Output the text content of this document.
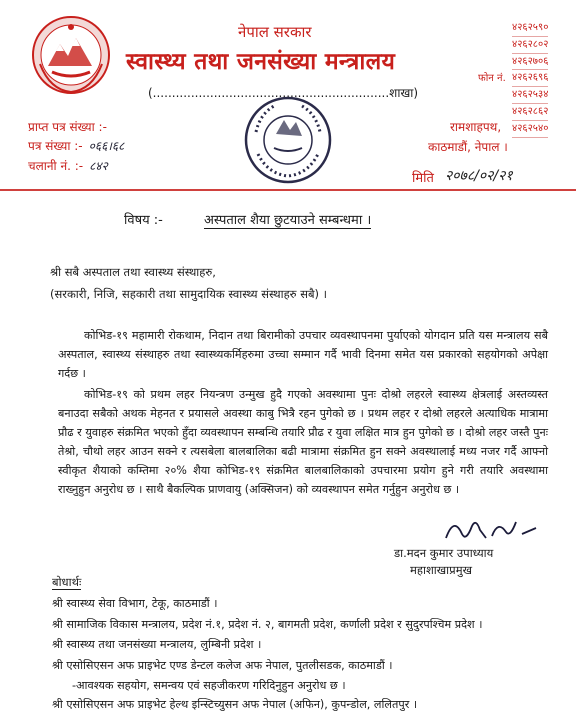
नेपाल सरकार
स्वास्थ्य तथा जनसंख्या मन्त्रालय
(..............................................................शाखा)
फोन नं.
४२६२५९०
४२६२८०२
४२६२७०६
४२६२६९६
४२६२५३४
४२६२८६२
४२६२५४०
प्राप्त पत्र संख्या :-
पत्र संख्या :- ०६६।६८
चलानी नं. :- ८४२
रामशाहपथ,
काठमाडौं, नेपाल ।
मिति २०७८/०२/२१
विषय :-	अस्पताल शैया छुटयाउने सम्बन्धमा ।
श्री सबै अस्पताल तथा स्वास्थ्य संस्थाहरु,
(सरकारी, निजि, सहकारी तथा सामुदायिक स्वास्थ्य संस्थाहरु सबै) ।
कोभिड-१९ महामारी रोकथाम, निदान तथा बिरामीको उपचार व्यवस्थापनमा पुर्याएको योगदान प्रति यस मन्त्रालय सबै अस्पताल, स्वास्थ्य संस्थाहरु तथा स्वास्थ्यकर्मिहरुमा उच्चा सम्मान गर्दै भावी दिनमा समेत यस प्रकारको सहयोगको अपेक्षा गर्दछ ।
कोभिड-१९ को प्रथम लहर नियन्त्रण उन्मुख हुदै गएको अवस्थामा पुनः दोश्रो लहरले स्वास्थ्य क्षेत्रलाई अस्तव्यस्त बनाउदा सबैको अथक मेहनत र प्रयासले अवस्था काबु भित्रै रहन पुगेको छ । प्रथम लहर र दोश्रो लहरले अत्याधिक मात्रामा प्रौढ र युवाहरु संक्रमित भएको हुँदा व्यवस्थापन सम्बन्धि तयारि प्रौढ र युवा लक्षित मात्र हुन पुगेको छ । दोश्रो लहर जस्तै पुनः तेश्रो, चौथो लहर आउन सक्ने र त्यसबेला बालबालिका बढी मात्रामा संक्रमित हुन सक्ने अवस्थालाई मध्य नजर गर्दै आफ्नो स्वीकृत शैयाको कम्तिमा २०% शैया कोभिड-१९ संक्रमित बालबालिकाको उपचारमा प्रयोग हुने गरी तयारि अवस्थामा राख्नुहुन अनुरोध छ । साथै बैकल्पिक प्राणवायु (अक्सिजन) को व्यवस्थापन समेत गर्नुहुन अनुरोध छ ।
डा.मदन कुमार उपाध्याय
महाशाखाप्रमुख
बोधार्थः
श्री स्वास्थ्य सेवा विभाग, टेकू, काठमाडौं ।
श्री सामाजिक विकास मन्त्रालय, प्रदेश नं.१, प्रदेश नं. २, बागमती प्रदेश, कर्णाली प्रदेश र सुदुरपश्चिम प्रदेश ।
श्री स्वास्थ्य तथा जनसंख्या मन्त्रालय, लुम्बिनी प्रदेश ।
श्री एसोसिएसन अफ प्राइभेट एण्ड डेन्टल कलेज अफ नेपाल, पुतलीसडक, काठमाडौं ।
-आवश्यक सहयोग, समन्वय एवं सहजीकरण गरिदिनुहुन अनुरोध छ ।
श्री एसोसिएसन अफ प्राइभेट हेल्थ इन्स्टिच्युसन अफ नेपाल (अफिन), कुपन्डोल, ललितपुर ।
